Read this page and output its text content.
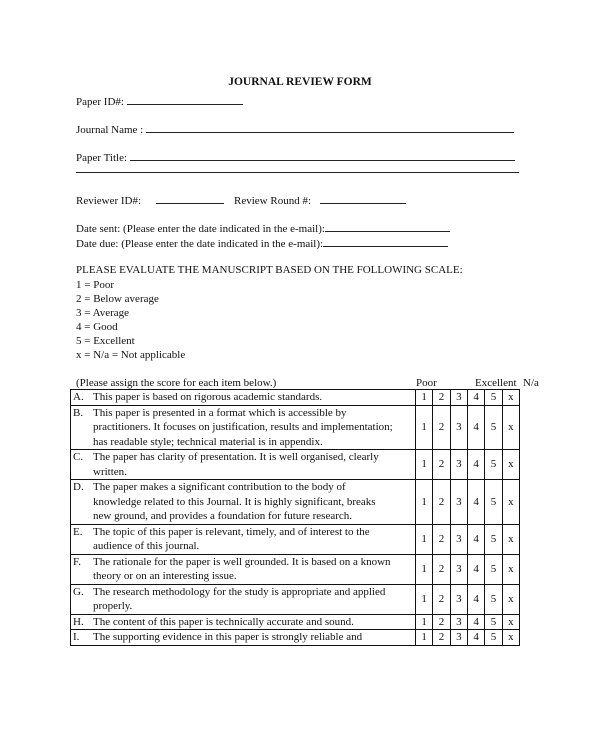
JOURNAL REVIEW FORM
Paper ID#:
Journal Name :
Paper Title:
Reviewer ID#:	Review Round #:
Date sent: (Please enter the date indicated in the e-mail):
Date due: (Please enter the date indicated in the e-mail):
PLEASE EVALUATE THE MANUSCRIPT BASED ON THE FOLLOWING SCALE:
1 = Poor
2 = Below average
3 = Average
4 = Good
5 = Excellent
x = N/a = Not applicable
(Please assign the score for each item below.)	Poor	Excellent N/a
A. This paper is based on rigorous academic standards.	1	2	3	4	5	x
B. This paper is presented in a format which is accessible by practitioners. It focuses on justification, results and implementation; has readable style; technical material is in appendix.	1	2	3	4	5	x
C. The paper has clarity of presentation. It is well organised, clearly written.	1	2	3	4	5	x
D. The paper makes a significant contribution to the body of knowledge related to this Journal. It is highly significant, breaks new ground, and provides a foundation for future research.	1	2	3	4	5	x
E. The topic of this paper is relevant, timely, and of interest to the audience of this journal.	1	2	3	4	5	x
F. The rationale for the paper is well grounded. It is based on a known theory or on an interesting issue.	1	2	3	4	5	x
G. The research methodology for the study is appropriate and applied properly.	1	2	3	4	5	x
H. The content of this paper is technically accurate and sound.	1	2	3	4	5	x
I. The supporting evidence in this paper is strongly reliable and	1	2	3	4	5	x
